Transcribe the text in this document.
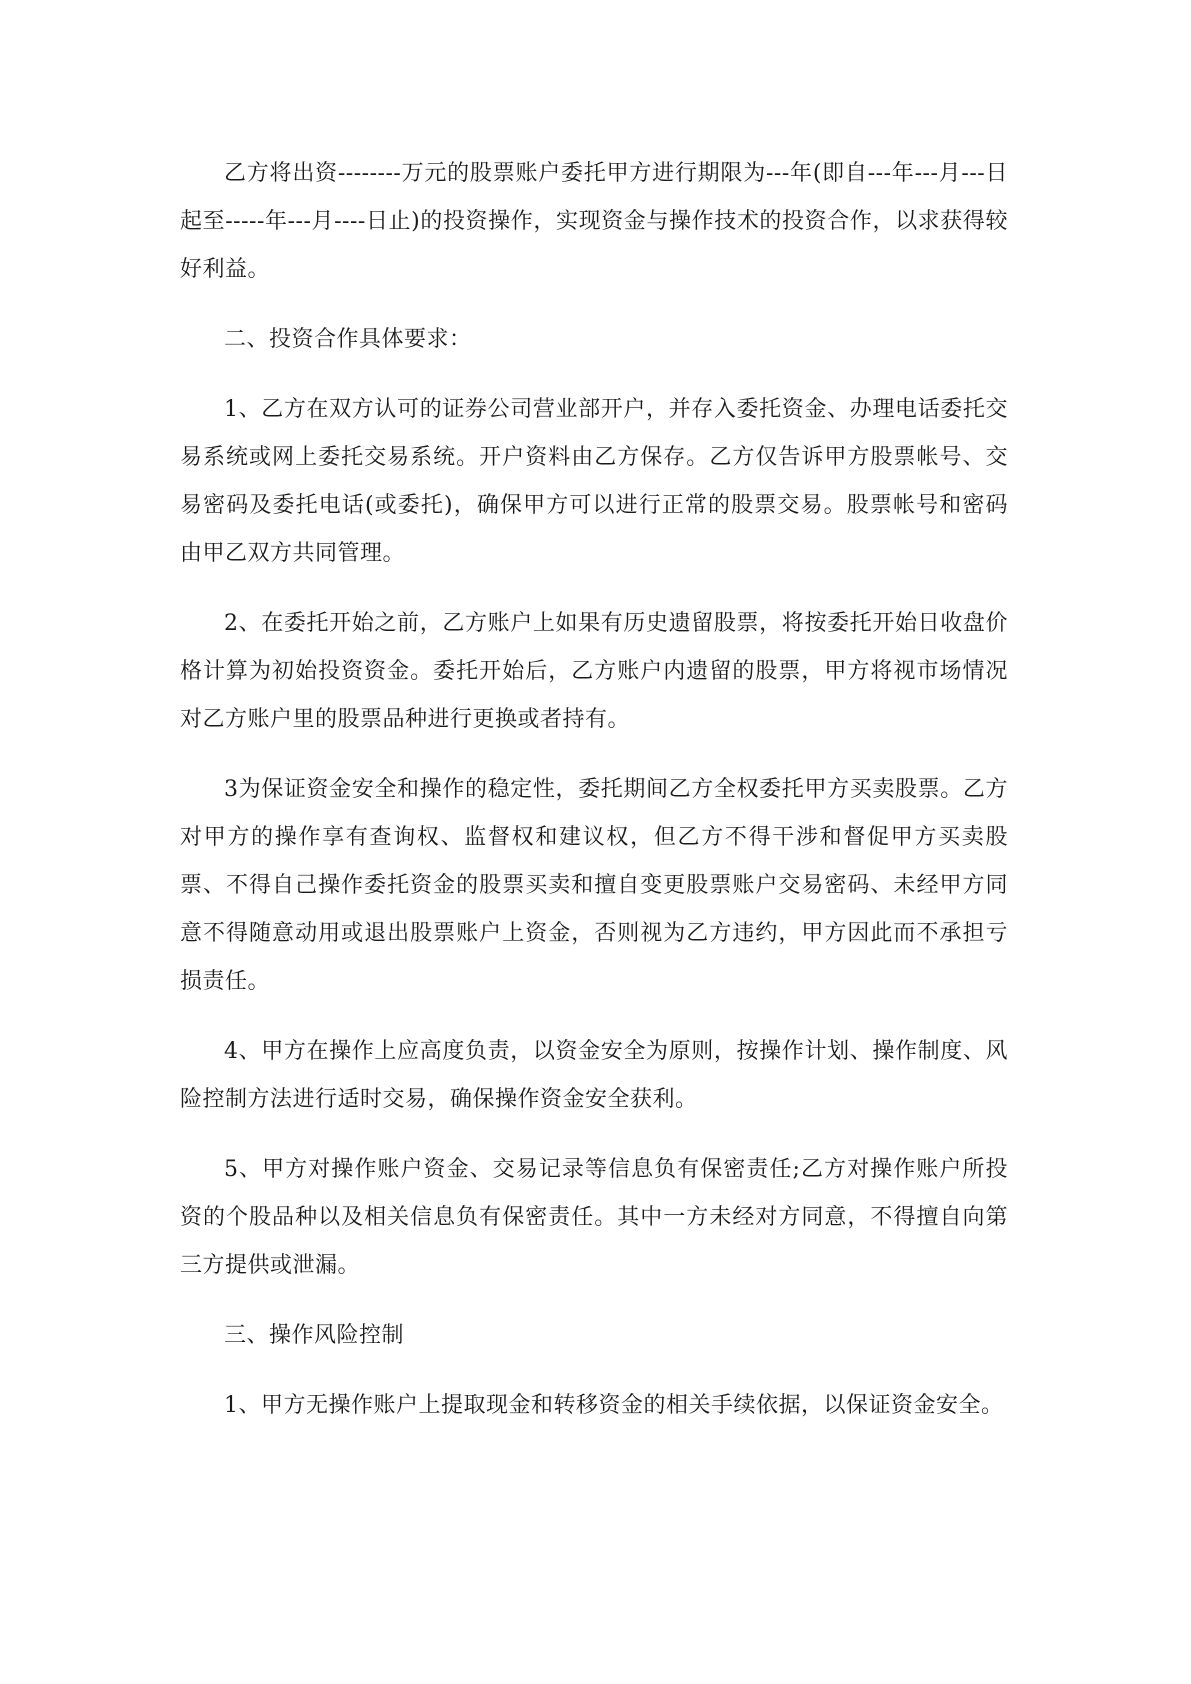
乙方将出资--------万元的股票账户委托甲方进行期限为---年(即自---年---月---日起至-----年---月----日止)的投资操作，实现资金与操作技术的投资合作，以求获得较好利益。

二、投资合作具体要求：

1、乙方在双方认可的证券公司营业部开户，并存入委托资金、办理电话委托交易系统或网上委托交易系统。开户资料由乙方保存。乙方仅告诉甲方股票帐号、交易密码及委托电话(或委托)，确保甲方可以进行正常的股票交易。股票帐号和密码由甲乙双方共同管理。

2、在委托开始之前，乙方账户上如果有历史遗留股票，将按委托开始日收盘价格计算为初始投资资金。委托开始后，乙方账户内遗留的股票，甲方将视市场情况对乙方账户里的股票品种进行更换或者持有。

3为保证资金安全和操作的稳定性，委托期间乙方全权委托甲方买卖股票。乙方对甲方的操作享有查询权、监督权和建议权，但乙方不得干涉和督促甲方买卖股票、不得自己操作委托资金的股票买卖和擅自变更股票账户交易密码、未经甲方同意不得随意动用或退出股票账户上资金，否则视为乙方违约，甲方因此而不承担亏损责任。

4、甲方在操作上应高度负责，以资金安全为原则，按操作计划、操作制度、风险控制方法进行适时交易，确保操作资金安全获利。

5、甲方对操作账户资金、交易记录等信息负有保密责任;乙方对操作账户所投资的个股品种以及相关信息负有保密责任。其中一方未经对方同意，不得擅自向第三方提供或泄漏。

三、操作风险控制

1、甲方无操作账户上提取现金和转移资金的相关手续依据，以保证资金安全。
